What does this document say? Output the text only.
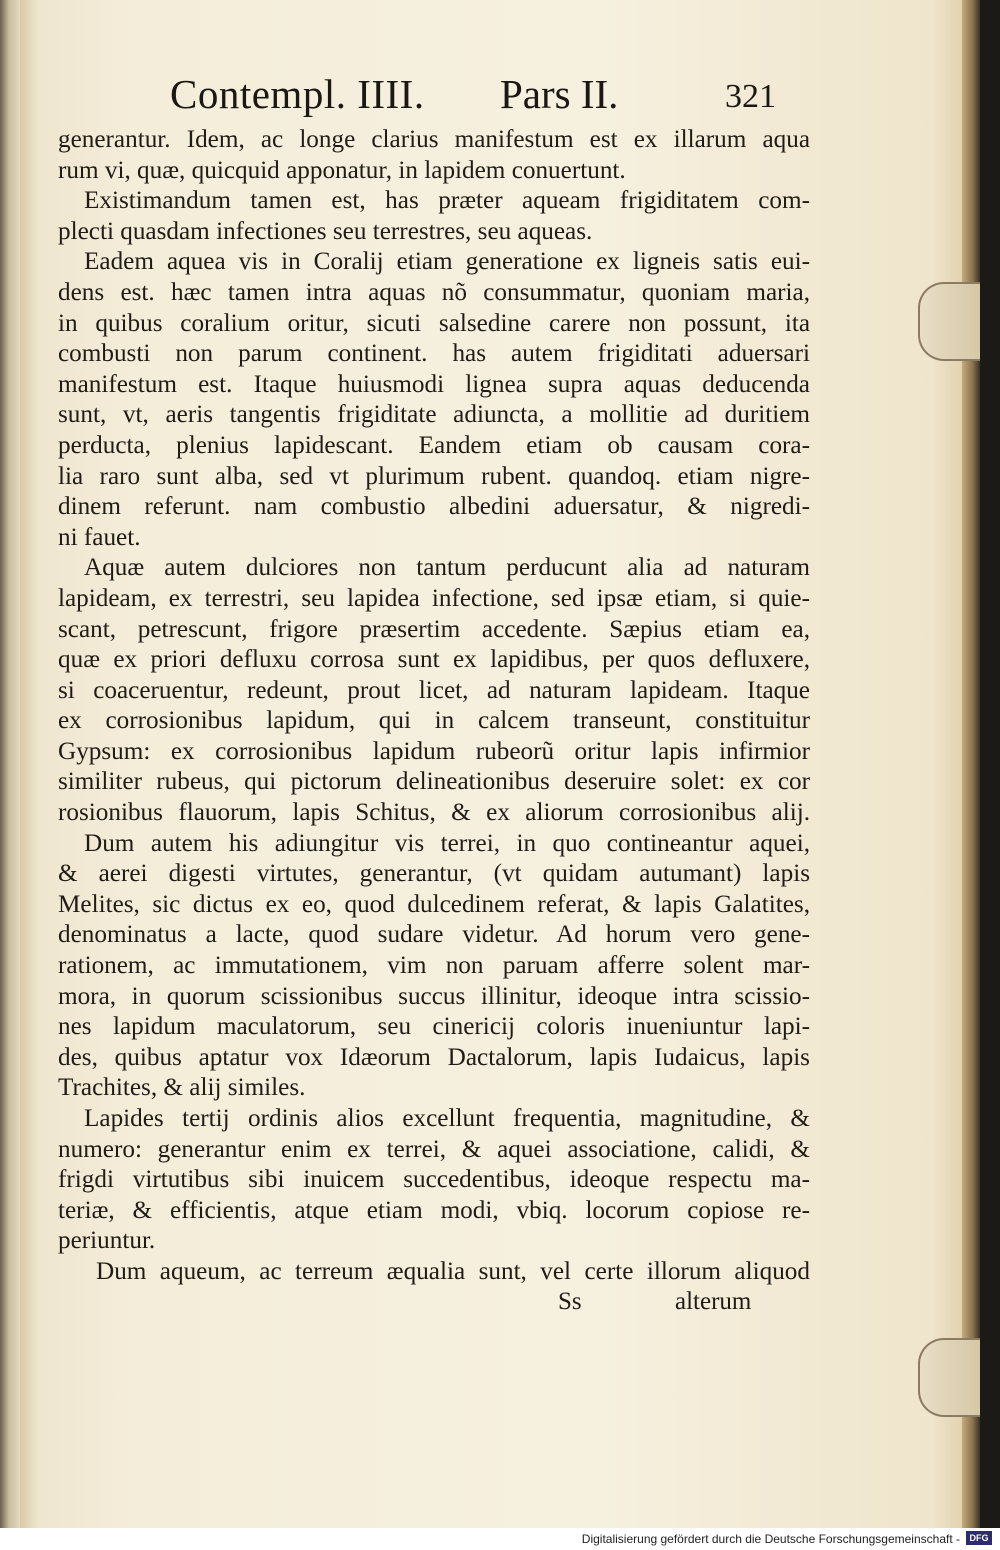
Contempl. IIII. Pars II.	321
generantur. Idem, ac longe clarius manifestum est ex illarum aqua
rum vi, quæ, quicquid apponatur, in lapidem conuertunt.
Existimandum tamen est, has præter aqueam frigiditatem com-
plecti quasdam infectiones seu terrestres, seu aqueas.
Eadem aquea vis in Coralij etiam generatione ex ligneis satis eui-
dens est. hæc tamen intra aquas nõ consummatur, quoniam maria,
in quibus coralium oritur, sicuti salsedine carere non possunt, ita
combusti non parum continent. has autem frigiditati aduersari
manifestum est. Itaque huiusmodi lignea supra aquas deducenda
sunt, vt, aeris tangentis frigiditate adiuncta, a mollitie ad duritiem
perducta, plenius lapidescant. Eandem etiam ob causam cora-
lia raro sunt alba, sed vt plurimum rubent. quandoq. etiam nigre-
dinem referunt. nam combustio albedini aduersatur, & nigredi-
ni fauet.
Aquæ autem dulciores non tantum perducunt alia ad naturam
lapideam, ex terrestri, seu lapidea infectione, sed ipsæ etiam, si quie-
scant, petrescunt, frigore præsertim accedente. Sæpius etiam ea,
quæ ex priori defluxu corrosa sunt ex lapidibus, per quos defluxere,
si coaceruentur, redeunt, prout licet, ad naturam lapideam. Itaque
ex corrosionibus lapidum, qui in calcem transeunt, constituitur
Gypsum: ex corrosionibus lapidum rubeorũ oritur lapis infirmior
similiter rubeus, qui pictorum delineationibus deseruire solet: ex cor
rosionibus flauorum, lapis Schitus, & ex aliorum corrosionibus alij.
Dum autem his adiungitur vis terrei, in quo contineantur aquei,
& aerei digesti virtutes, generantur, (vt quidam autumant) lapis
Melites, sic dictus ex eo, quod dulcedinem referat, & lapis Galatites,
denominatus a lacte, quod sudare videtur. Ad horum vero gene-
rationem, ac immutationem, vim non paruam afferre solent mar-
mora, in quorum scissionibus succus illinitur, ideoque intra scissio-
nes lapidum maculatorum, seu cinericij coloris inueniuntur lapi-
des, quibus aptatur vox Idæorum Dactalorum, lapis Iudaicus, lapis
Trachites, & alij similes.
Lapides tertij ordinis alios excellunt frequentia, magnitudine, &
numero: generantur enim ex terrei, & aquei associatione, calidi, &
frigdi virtutibus sibi inuicem succedentibus, ideoque respectu ma-
teriæ, & efficientis, atque etiam modi, vbiq. locorum copiose re-
periuntur.
Dum aqueum, ac terreum æqualia sunt, vel certe illorum aliquod
Ss	alterum
Digitalisierung gefördert durch die Deutsche Forschungsgemeinschaft -	DFG
